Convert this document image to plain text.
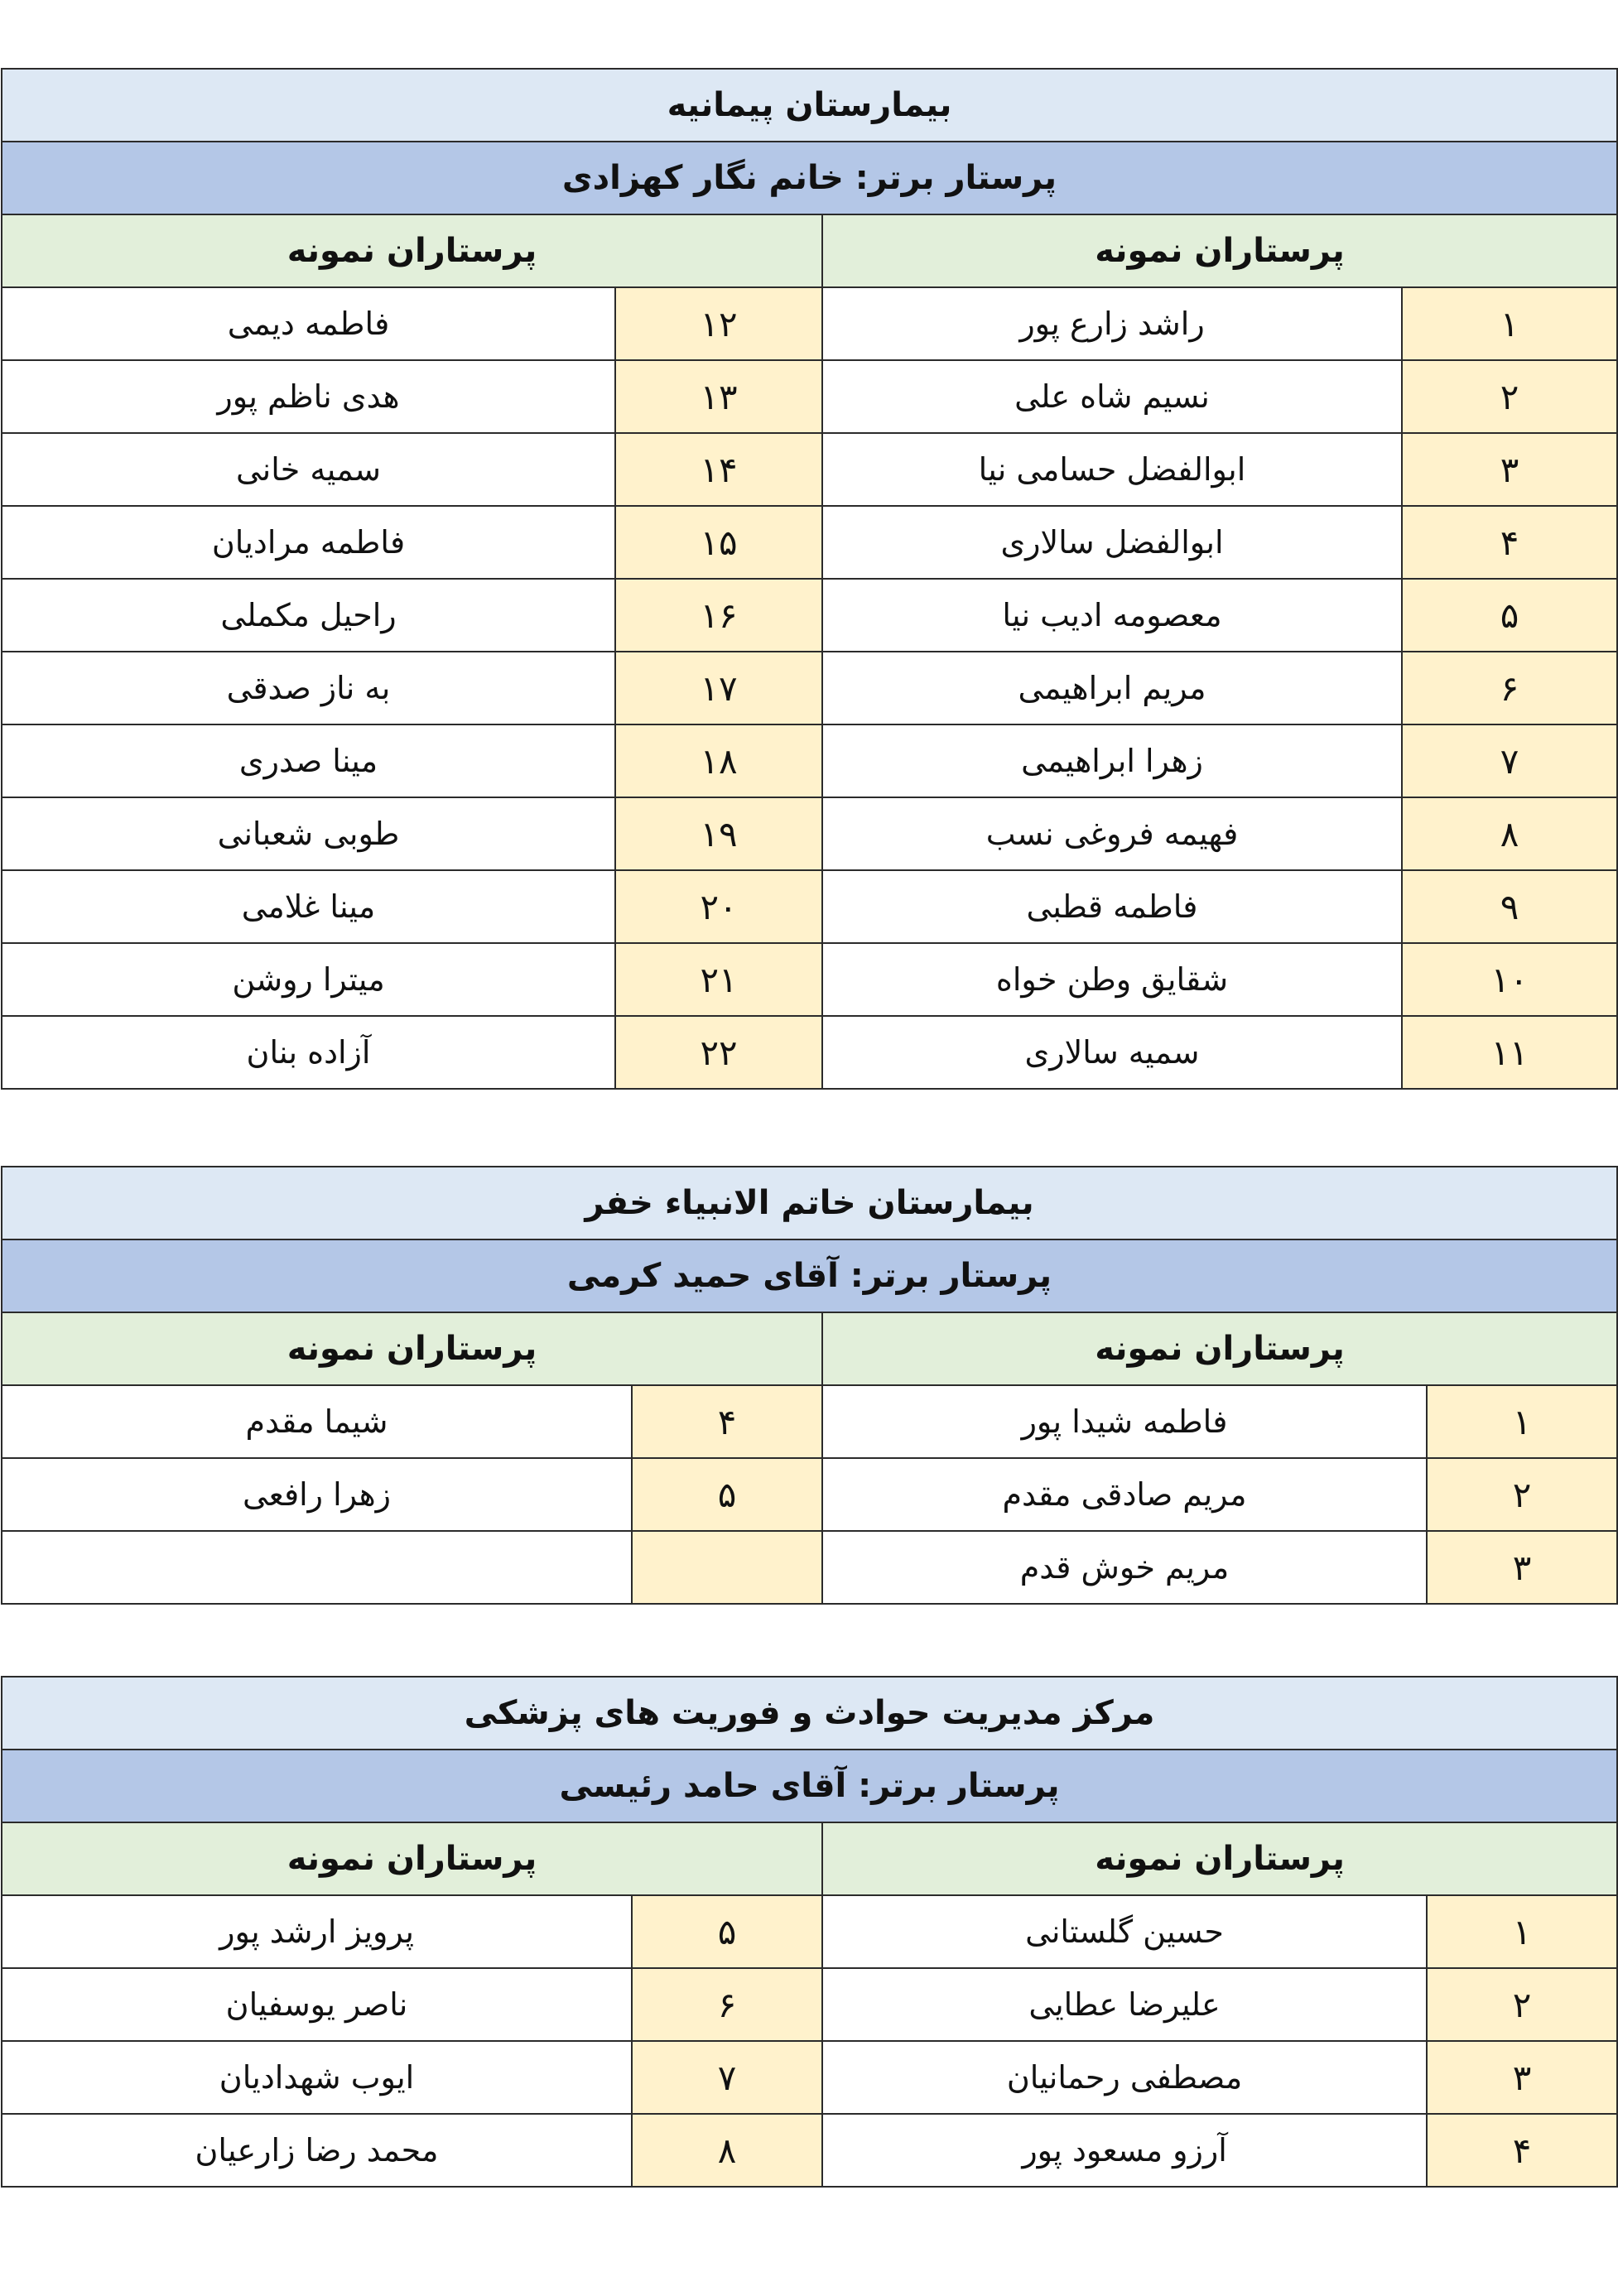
بیمارستان پیمانیه			
پرستار برتر: خانم نگار کهزادی			
پرستاران نمونه		پرستاران نمونه	
۱	راشد زارع پور	۱۲	فاطمه دیمی
۲	نسیم شاه علی	۱۳	هدی ناظم پور
۳	ابوالفضل حسامی نیا	۱۴	سمیه خانی
۴	ابوالفضل سالاری	۱۵	فاطمه مرادیان
۵	معصومه ادیب نیا	۱۶	راحیل مکملی
۶	مریم ابراهیمی	۱۷	به ناز صدقی
۷	زهرا ابراهیمی	۱۸	مینا صدری
۸	فهیمه فروغی نسب	۱۹	طوبی شعبانی
۹	فاطمه قطبی	۲۰	مینا غلامی
۱۰	شقایق وطن خواه	۲۱	میترا روشن
۱۱	سمیه سالاری	۲۲	آزاده بنان
بیمارستان خاتم الانبیاء خفر			
پرستار برتر: آقای حمید کرمی			
پرستاران نمونه		پرستاران نمونه	
۱	فاطمه شیدا پور	۴	شیما مقدم
۲	مریم صادقی مقدم	۵	زهرا رافعی
۳	مریم خوش قدم		
مرکز مدیریت حوادث و فوریت های پزشکی			
پرستار برتر: آقای حامد رئیسی			
پرستاران نمونه		پرستاران نمونه	
۱	حسین گلستانی	۵	پرویز ارشد پور
۲	علیرضا عطایی	۶	ناصر یوسفیان
۳	مصطفی رحمانیان	۷	ایوب شهدادیان
۴	آرزو مسعود پور	۸	محمد رضا زارعیان
